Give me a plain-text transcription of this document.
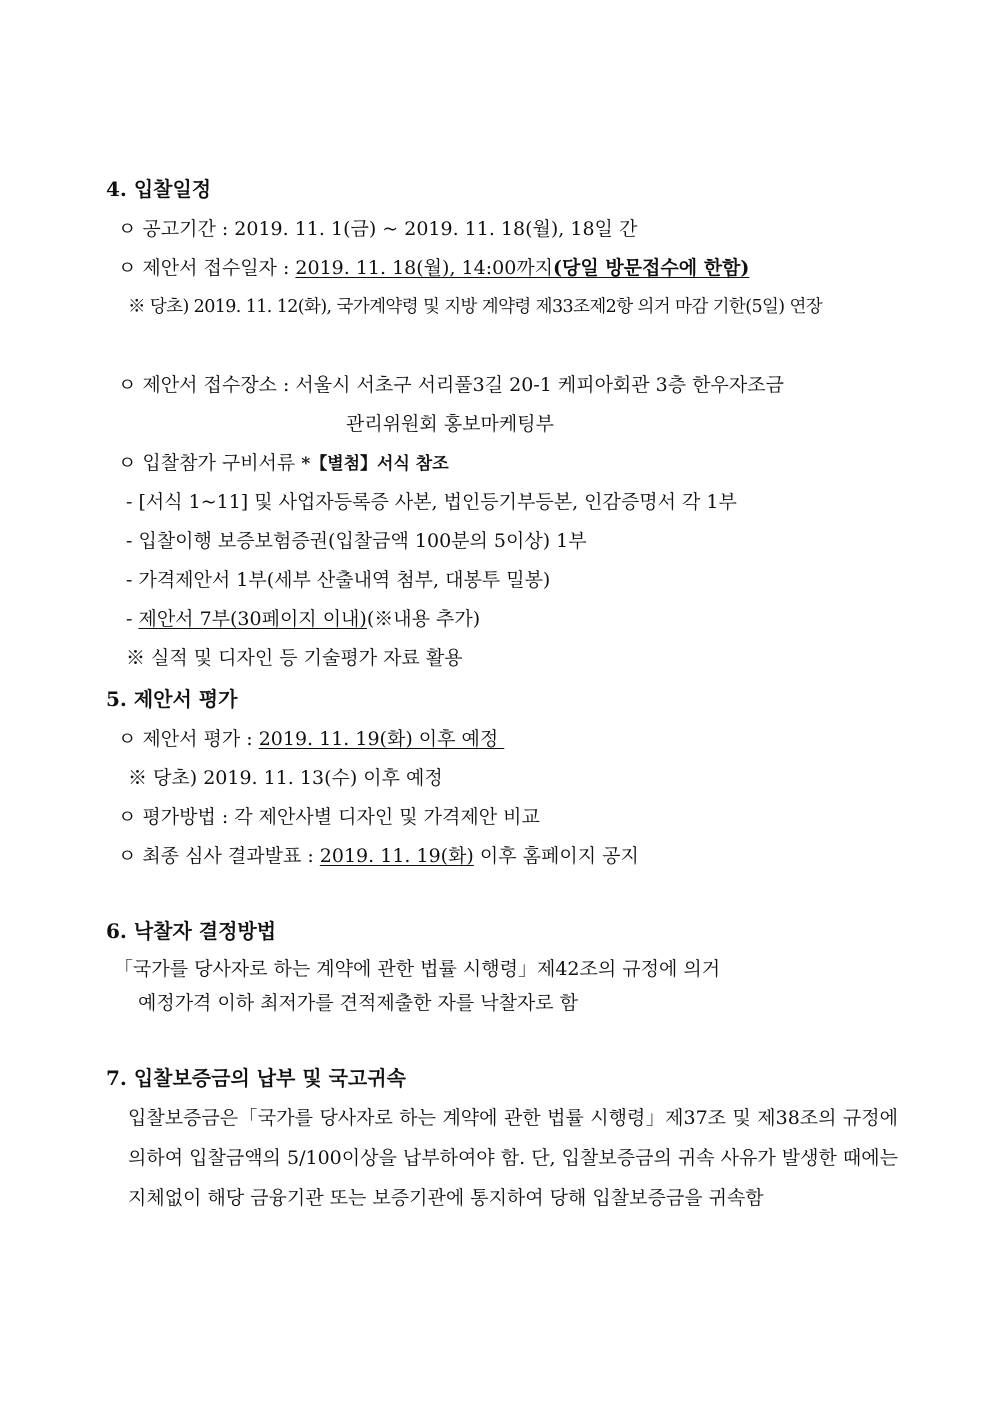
4. 입찰일정
ㅇ 공고기간 : 2019. 11. 1(금) ~ 2019. 11. 18(월), 18일 간
ㅇ 제안서 접수일자 : 2019. 11. 18(월), 14:00까지(당일 방문접수에 한함)
※ 당초) 2019. 11. 12(화), 국가계약령 및 지방 계약령 제33조제2항 의거 마감 기한(5일) 연장
ㅇ 제안서 접수장소 : 서울시 서초구 서리풀3길 20-1 케피아회관 3층 한우자조금
관리위원회 홍보마케팅부
ㅇ 입찰참가 구비서류 *【별첨】서식 참조
- [서식 1~11] 및 사업자등록증 사본, 법인등기부등본, 인감증명서 각 1부
- 입찰이행 보증보험증권(입찰금액 100분의 5이상) 1부
- 가격제안서 1부(세부 산출내역 첨부, 대봉투 밀봉)
- 제안서 7부(30페이지 이내)(※내용 추가)
※ 실적 및 디자인 등 기술평가 자료 활용
5. 제안서 평가
ㅇ 제안서 평가 : 2019. 11. 19(화) 이후 예정
※ 당초) 2019. 11. 13(수) 이후 예정
ㅇ 평가방법 : 각 제안사별 디자인 및 가격제안 비교
ㅇ 최종 심사 결과발표 : 2019. 11. 19(화) 이후 홈페이지 공지
6. 낙찰자 결정방법
「국가를 당사자로 하는 계약에 관한 법률 시행령」제42조의 규정에 의거
예정가격 이하 최저가를 견적제출한 자를 낙찰자로 함
7. 입찰보증금의 납부 및 국고귀속
입찰보증금은「국가를 당사자로 하는 계약에 관한 법률 시행령」제37조 및 제38조의 규정에 의하여 입찰금액의 5/100이상을 납부하여야 함. 단, 입찰보증금의 귀속 사유가 발생한 때에는 지체없이 해당 금융기관 또는 보증기관에 통지하여 당해 입찰보증금을 귀속함
